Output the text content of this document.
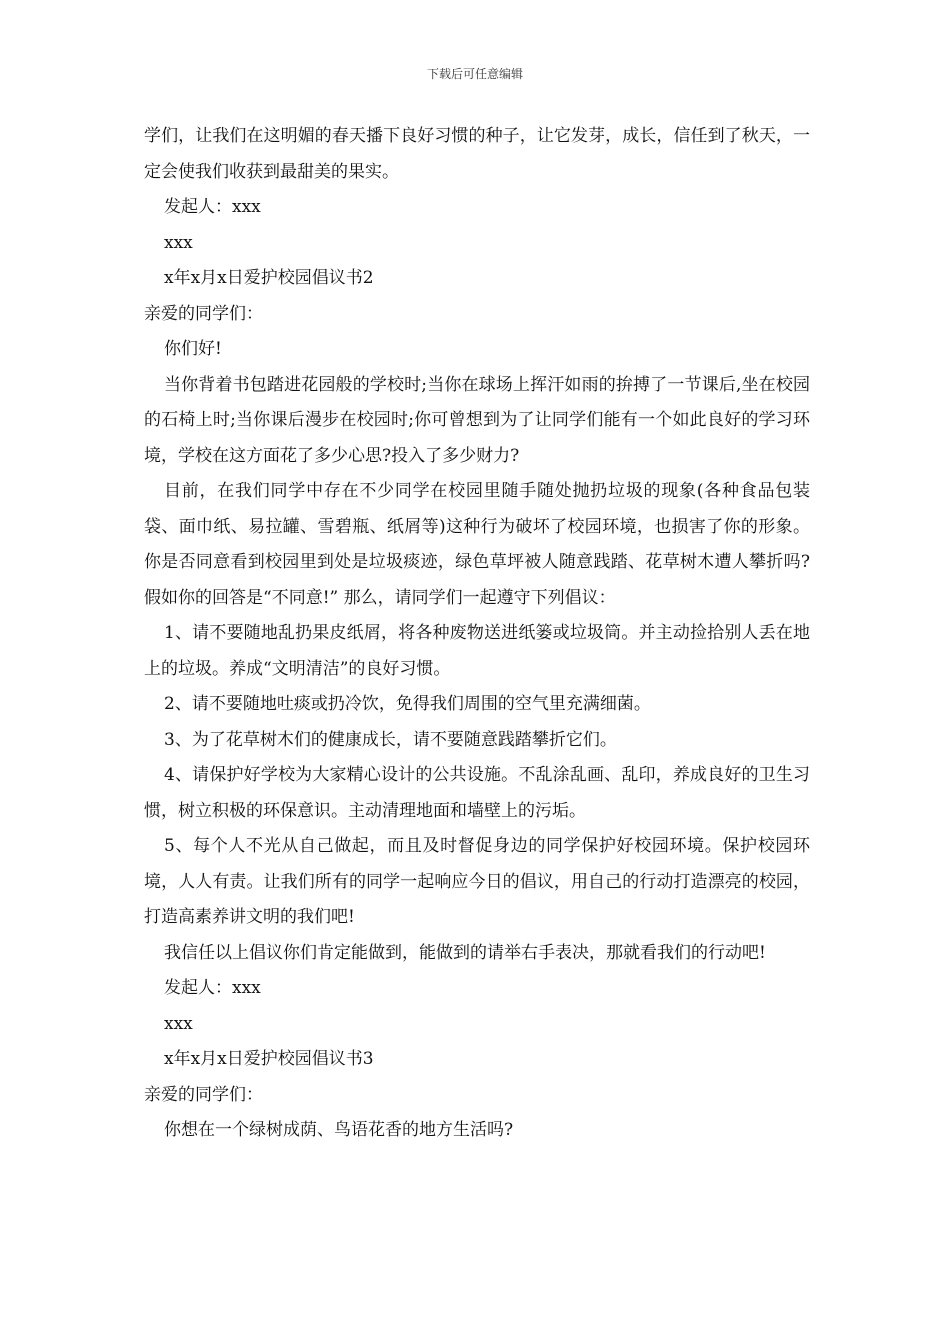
下载后可任意编辑

学们，让我们在这明媚的春天播下良好习惯的种子，让它发芽，成长，信任到了秋天，一定会使我们收获到最甜美的果实。

发起人：xxx

xxx

x年x月x日爱护校园倡议书2

亲爱的同学们：

你们好!

当你背着书包踏进花园般的学校时;当你在球场上挥汗如雨的拚搏了一节课后,坐在校园的石椅上时;当你课后漫步在校园时;你可曾想到为了让同学们能有一个如此良好的学习环境，学校在这方面花了多少心思?投入了多少财力?

目前，在我们同学中存在不少同学在校园里随手随处抛扔垃圾的现象(各种食品包装袋、面巾纸、易拉罐、雪碧瓶、纸屑等)这种行为破坏了校园环境，也损害了你的形象。你是否同意看到校园里到处是垃圾痰迹，绿色草坪被人随意践踏、花草树木遭人攀折吗?假如你的回答是“不同意!” 那么，请同学们一起遵守下列倡议：

1、请不要随地乱扔果皮纸屑，将各种废物送进纸篓或垃圾筒。并主动捡拾别人丢在地上的垃圾。养成“文明清洁”的良好习惯。

2、请不要随地吐痰或扔冷饮，免得我们周围的空气里充满细菌。

3、为了花草树木们的健康成长，请不要随意践踏攀折它们。

4、请保护好学校为大家精心设计的公共设施。不乱涂乱画、乱印，养成良好的卫生习惯，树立积极的环保意识。主动清理地面和墙壁上的污垢。

5、每个人不光从自己做起，而且及时督促身边的同学保护好校园环境。保护校园环境，人人有责。让我们所有的同学一起响应今日的倡议，用自己的行动打造漂亮的校园，打造高素养讲文明的我们吧!

我信任以上倡议你们肯定能做到，能做到的请举右手表决，那就看我们的行动吧!

发起人：xxx

xxx

x年x月x日爱护校园倡议书3

亲爱的同学们：

你想在一个绿树成荫、鸟语花香的地方生活吗?
